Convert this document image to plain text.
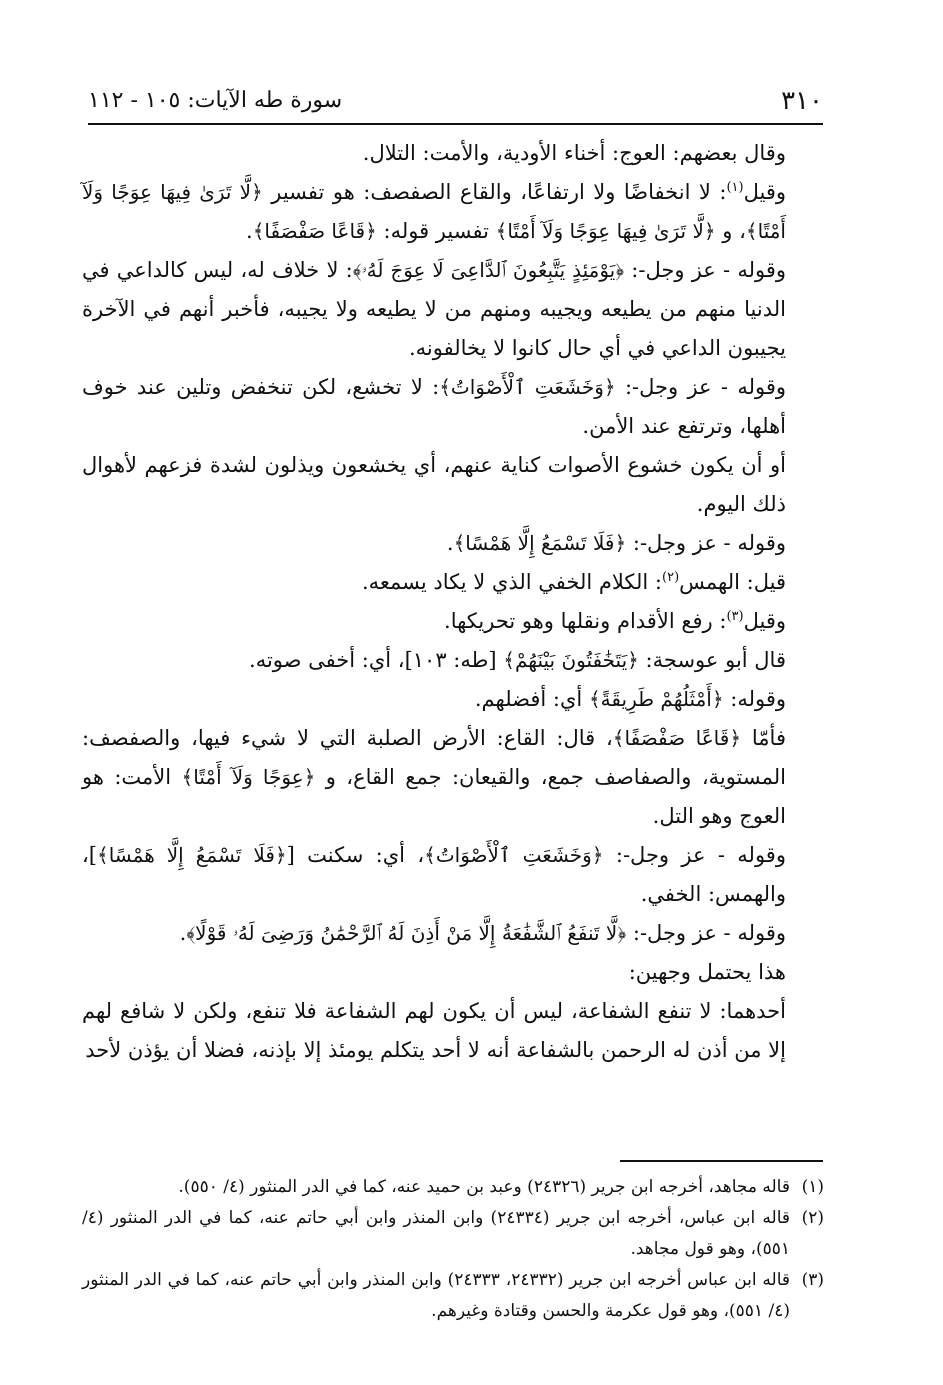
٣١٠
سورة طه الآيات: ١٠٥ - ١١٢

وقال بعضهم: العوج: أخناء الأودية، والأمت: التلال.

وقيل$^{(١)}$: لا انخفاضًا ولا ارتفاعًا، والقاع الصفصف: هو تفسير ﴿لَّا تَرَىٰ فِيهَا عِوَجًا وَلَآ أَمْتًا﴾، و ﴿لَّا تَرَىٰ فِيهَا عِوَجًا وَلَآ أَمْتًا﴾ تفسير قوله: ﴿قَاعًا صَفْصَفًا﴾.

وقوله - عز وجل-: ﴿يَوْمَئِذٍ يَتَّبِعُونَ ٱلدَّاعِىَ لَا عِوَجَ لَهُۥ﴾: لا خلاف له، ليس كالداعي في الدنيا منهم من يطيعه ويجيبه ومنهم من لا يطيعه ولا يجيبه، فأخبر أنهم في الآخرة يجيبون الداعي في أي حال كانوا لا يخالفونه.

وقوله - عز وجل-: ﴿وَخَشَعَتِ ٱلْأَصْوَاتُ﴾: لا تخشع، لكن تنخفض وتلين عند خوف أهلها، وترتفع عند الأمن.

أو أن يكون خشوع الأصوات كناية عنهم، أي يخشعون ويذلون لشدة فزعهم لأهوال ذلك اليوم.

وقوله - عز وجل-: ﴿فَلَا تَسْمَعُ إِلَّا هَمْسًا﴾.

قيل: الهمس$^{(٢)}$: الكلام الخفي الذي لا يكاد يسمعه.

وقيل$^{(٣)}$: رفع الأقدام ونقلها وهو تحريكها.

قال أبو عوسجة: ﴿يَتَخَٰفَتُونَ بَيْنَهُمْ﴾ [طه: ١٠٣]، أي: أخفى صوته.

وقوله: ﴿أَمْثَلُهُمْ طَرِيقَةً﴾ أي: أفضلهم.

فأمّا ﴿قَاعًا صَفْصَفًا﴾، قال: القاع: الأرض الصلبة التي لا شيء فيها، والصفصف: المستوية، والصفاصف جمع، والقيعان: جمع القاع، و ﴿عِوَجًا وَلَآ أَمْتًا﴾ الأمت: هو العوج وهو التل.

وقوله - عز وجل-: ﴿وَخَشَعَتِ ٱلْأَصْوَاتُ﴾، أي: سكنت [﴿فَلَا تَسْمَعُ إِلَّا هَمْسًا﴾]، والهمس: الخفي.

وقوله - عز وجل-: ﴿لَّا تَنفَعُ ٱلشَّفَٰعَةُ إِلَّا مَنْ أَذِنَ لَهُ ٱلرَّحْمَٰنُ وَرَضِىَ لَهُۥ قَوْلًا﴾.

هذا يحتمل وجهين:

أحدهما: لا تنفع الشفاعة، ليس أن يكون لهم الشفاعة فلا تنفع، ولكن لا شافع لهم إلا من أذن له الرحمن بالشفاعة أنه لا أحد يتكلم يومئذ إلا بإذنه، فضلا أن يؤذن لأحد

(١)
قاله مجاهد، أخرجه ابن جرير (٢٤٣٢٦) وعبد بن حميد عنه، كما في الدر المنثور (٤/ ٥٥٠).

(٢)
قاله ابن عباس، أخرجه ابن جرير (٢٤٣٣٤) وابن المنذر وابن أبي حاتم عنه، كما في الدر المنثور (٤/ ٥٥١)، وهو قول مجاهد.

(٣)
قاله ابن عباس أخرجه ابن جرير (٢٤٣٣٢، ٢٤٣٣٣) وابن المنذر وابن أبي حاتم عنه، كما في الدر المنثور (٤/ ٥٥١)، وهو قول عكرمة والحسن وقتادة وغيرهم.
